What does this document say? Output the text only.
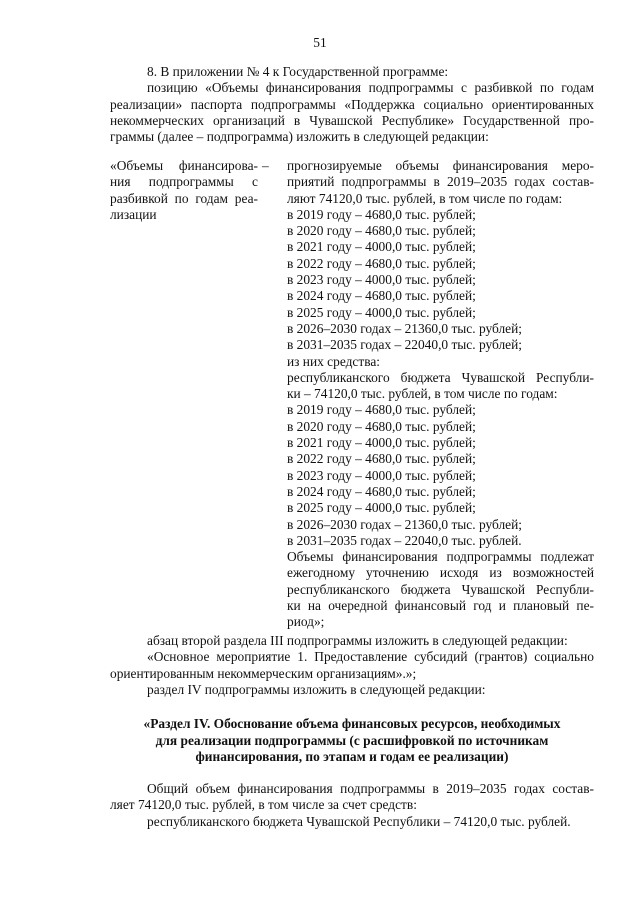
51
8. В приложении № 4 к Государственной программе:
позицию «Объемы финансирования подпрограммы с разбивкой по годам
реализации» паспорта подпрограммы «Поддержка социально ориентированных
некоммерческих организаций в Чувашской Республике» Государственной про-
граммы (далее – подпрограмма) изложить в следующей редакции:
«Объемы финансирова-
ния подпрограммы с
разбивкой по годам реа-
лизации
– прогнозируемые объемы финансирования меро-
приятий подпрограммы в 2019–2035 годах состав-
ляют 74120,0 тыс. рублей, в том числе по годам:
в 2019 году – 4680,0 тыс. рублей;
в 2020 году – 4680,0 тыс. рублей;
в 2021 году – 4000,0 тыс. рублей;
в 2022 году – 4680,0 тыс. рублей;
в 2023 году – 4000,0 тыс. рублей;
в 2024 году – 4680,0 тыс. рублей;
в 2025 году – 4000,0 тыс. рублей;
в 2026–2030 годах – 21360,0 тыс. рублей;
в 2031–2035 годах – 22040,0 тыс. рублей;
из них средства:
республиканского бюджета Чувашской Республи-
ки – 74120,0 тыс. рублей, в том числе по годам:
в 2019 году – 4680,0 тыс. рублей;
в 2020 году – 4680,0 тыс. рублей;
в 2021 году – 4000,0 тыс. рублей;
в 2022 году – 4680,0 тыс. рублей;
в 2023 году – 4000,0 тыс. рублей;
в 2024 году – 4680,0 тыс. рублей;
в 2025 году – 4000,0 тыс. рублей;
в 2026–2030 годах – 21360,0 тыс. рублей;
в 2031–2035 годах – 22040,0 тыс. рублей.
Объемы финансирования подпрограммы подлежат
ежегодному уточнению исходя из возможностей
республиканского бюджета Чувашской Республи-
ки на очередной финансовый год и плановый пе-
риод»;
абзац второй раздела III подпрограммы изложить в следующей редакции:
«Основное мероприятие 1. Предоставление субсидий (грантов) социально
ориентированным некоммерческим организациям».»;
раздел IV подпрограммы изложить в следующей редакции:
«Раздел IV. Обоснование объема финансовых ресурсов, необходимых
для реализации подпрограммы (с расшифровкой по источникам
финансирования, по этапам и годам ее реализации)
Общий объем финансирования подпрограммы в 2019–2035 годах состав-
ляет 74120,0 тыс. рублей, в том числе за счет средств:
республиканского бюджета Чувашской Республики – 74120,0 тыс. рублей.
